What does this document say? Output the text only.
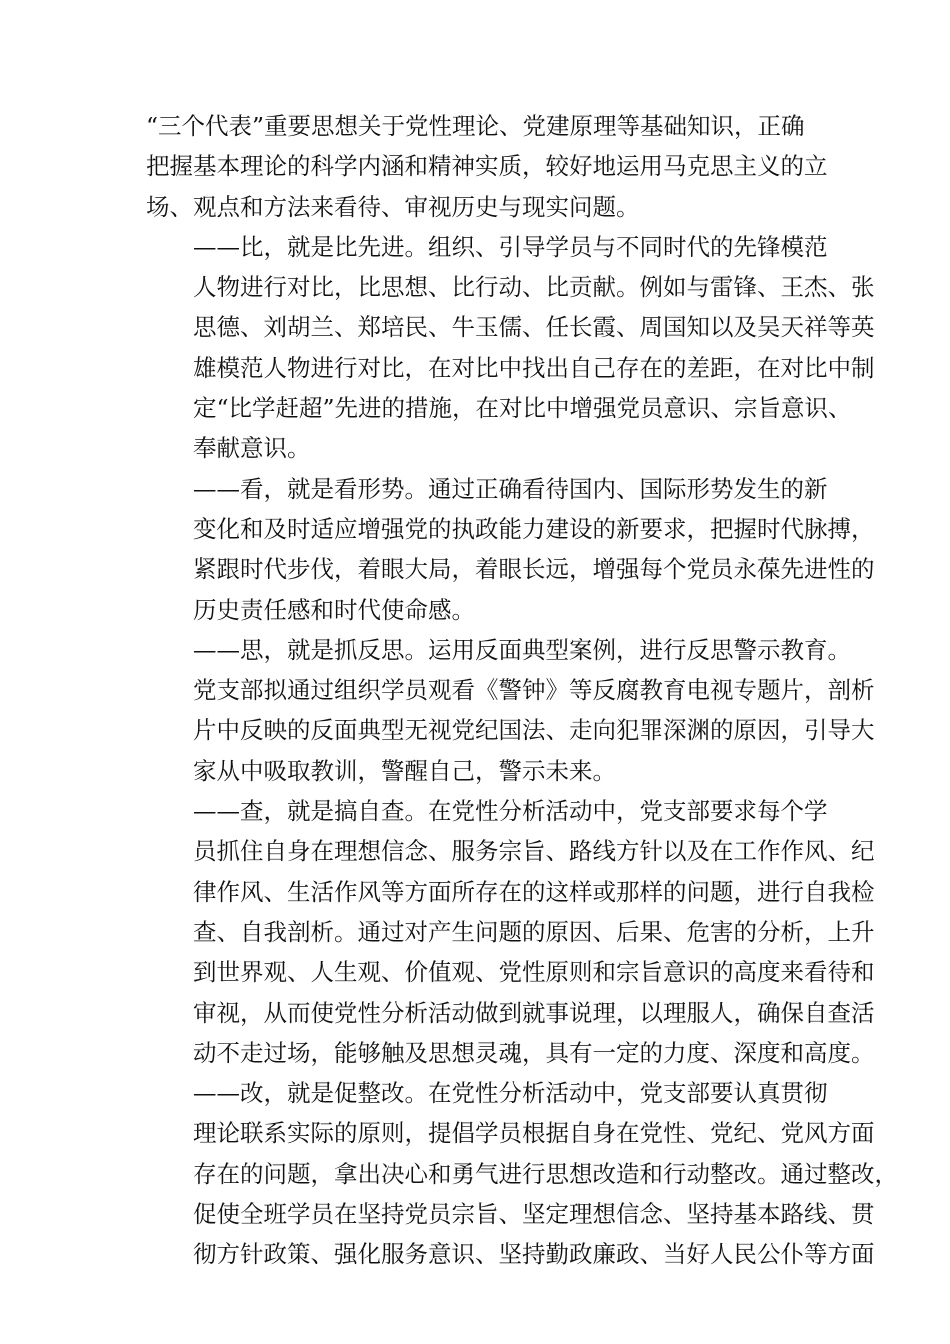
“三个代表”重要思想关于党性理论、党建原理等基础知识，正确
把握基本理论的科学内涵和精神实质，较好地运用马克思主义的立
场、观点和方法来看待、审视历史与现实问题。

——比，就是比先进。组织、引导学员与不同时代的先锋模范
人物进行对比，比思想、比行动、比贡献。例如与雷锋、王杰、张
思德、刘胡兰、郑培民、牛玉儒、任长霞、周国知以及吴天祥等英
雄模范人物进行对比，在对比中找出自己存在的差距，在对比中制
定“比学赶超”先进的措施，在对比中增强党员意识、宗旨意识、
奉献意识。

——看，就是看形势。通过正确看待国内、国际形势发生的新
变化和及时适应增强党的执政能力建设的新要求，把握时代脉搏，
紧跟时代步伐，着眼大局，着眼长远，增强每个党员永葆先进性的
历史责任感和时代使命感。

——思，就是抓反思。运用反面典型案例，进行反思警示教育。
党支部拟通过组织学员观看《警钟》等反腐教育电视专题片，剖析
片中反映的反面典型无视党纪国法、走向犯罪深渊的原因，引导大
家从中吸取教训，警醒自己，警示未来。

——查，就是搞自查。在党性分析活动中，党支部要求每个学
员抓住自身在理想信念、服务宗旨、路线方针以及在工作作风、纪
律作风、生活作风等方面所存在的这样或那样的问题，进行自我检
查、自我剖析。通过对产生问题的原因、后果、危害的分析，上升
到世界观、人生观、价值观、党性原则和宗旨意识的高度来看待和
审视，从而使党性分析活动做到就事说理，以理服人，确保自查活
动不走过场，能够触及思想灵魂，具有一定的力度、深度和高度。

——改，就是促整改。在党性分析活动中，党支部要认真贯彻
理论联系实际的原则，提倡学员根据自身在党性、党纪、党风方面
存在的问题，拿出决心和勇气进行思想改造和行动整改。通过整改，
促使全班学员在坚持党员宗旨、坚定理想信念、坚持基本路线、贯
彻方针政策、强化服务意识、坚持勤政廉政、当好人民公仆等方面
